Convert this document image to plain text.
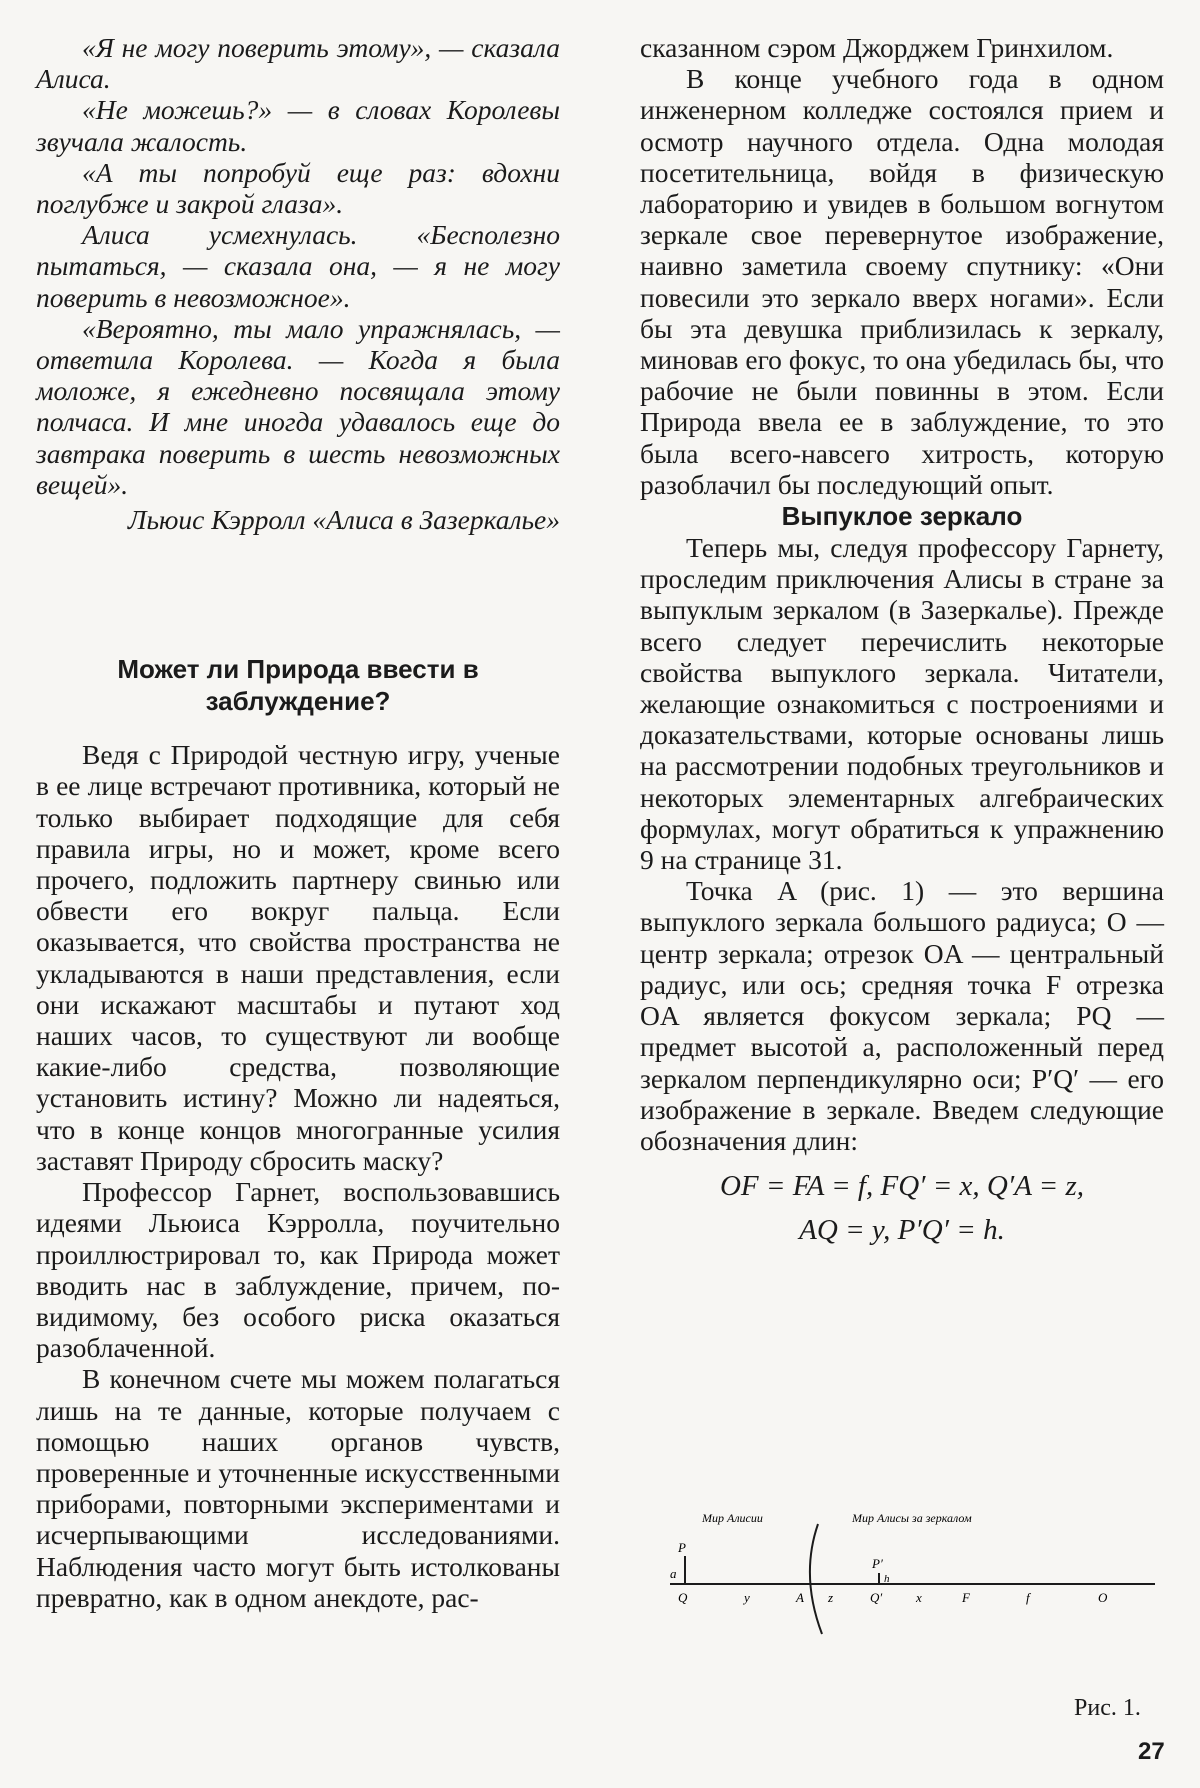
«Я не могу поверить этому», — сказала Алиса.

«Не можешь?» — в словах Королевы звучала жалость.

«А ты попробуй еще раз: вдохни поглубже и закрой глаза».

Алиса усмехнулась. «Бесполезно пытаться, — сказала она, — я не могу поверить в невозможное».

«Вероятно, ты мало упражнялась, — ответила Королева. — Когда я была моложе, я ежедневно посвящала этому полчаса. И мне иногда удавалось еще до завтрака поверить в шесть невозможных вещей».

Льюис Кэрролл «Алиса в Зазеркалье»

Может ли Природа ввести в заблуждение?

Ведя с Природой честную игру, ученые в ее лице встречают противника, который не только выбирает подходящие для себя правила игры, но и может, кроме всего прочего, подложить партнеру свинью или обвести его вокруг пальца. Если оказывается, что свойства пространства не укладываются в наши представления, если они искажают масштабы и путают ход наших часов, то существуют ли вообще какие-либо средства, позволяющие установить истину? Можно ли надеяться, что в конце концов многогранные усилия заставят Природу сбросить маску?

Профессор Гарнет, воспользовавшись идеями Льюиса Кэрролла, поучительно проиллюстрировал то, как Природа может вводить нас в заблуждение, причем, по-видимому, без особого риска оказаться разоблаченной.

В конечном счете мы можем полагаться лишь на те данные, которые получаем с помощью наших органов чувств, проверенные и уточненные искусственными приборами, повторными экспериментами и исчерпывающими исследованиями. Наблюдения часто могут быть истолкованы превратно, как в одном анекдоте, рас-

сказанном сэром Джорджем Гринхилом.

В конце учебного года в одном инженерном колледже состоялся прием и осмотр научного отдела. Одна молодая посетительница, войдя в физическую лабораторию и увидев в большом вогнутом зеркале свое перевернутое изображение, наивно заметила своему спутнику: «Они повесили это зеркало вверх ногами». Если бы эта девушка приблизилась к зеркалу, миновав его фокус, то она убедилась бы, что рабочие не были повинны в этом. Если Природа ввела ее в заблуждение, то это была всего-навсего хитрость, которую разоблачил бы последующий опыт.

Выпуклое зеркало

Теперь мы, следуя профессору Гарнету, проследим приключения Алисы в стране за выпуклым зеркалом (в Зазеркалье). Прежде всего следует перечислить некоторые свойства выпуклого зеркала. Читатели, желающие ознакомиться с построениями и доказательствами, которые основаны лишь на рассмотрении подобных треугольников и некоторых элементарных алгебраических формулах, могут обратиться к упражнению 9 на странице 31.

Точка A (рис. 1) — это вершина выпуклого зеркала большого радиуса; O — центр зеркала; отрезок OA — центральный радиус, или ось; средняя точка F отрезка OA является фокусом зеркала; PQ — предмет высотой a, расположенный перед зеркалом перпендикулярно оси; P′Q′ — его изображение в зеркале. Введем следующие обозначения длин:

OF = FA = f, FQ′ = x, Q′A = z,
AQ = y, P′Q′ = h.
Мир Алисии	Мир Алисы за зеркалом
P
a
Q	y	A z
P′
h
Q′	x	F	f	O
Рис. 1.
27
